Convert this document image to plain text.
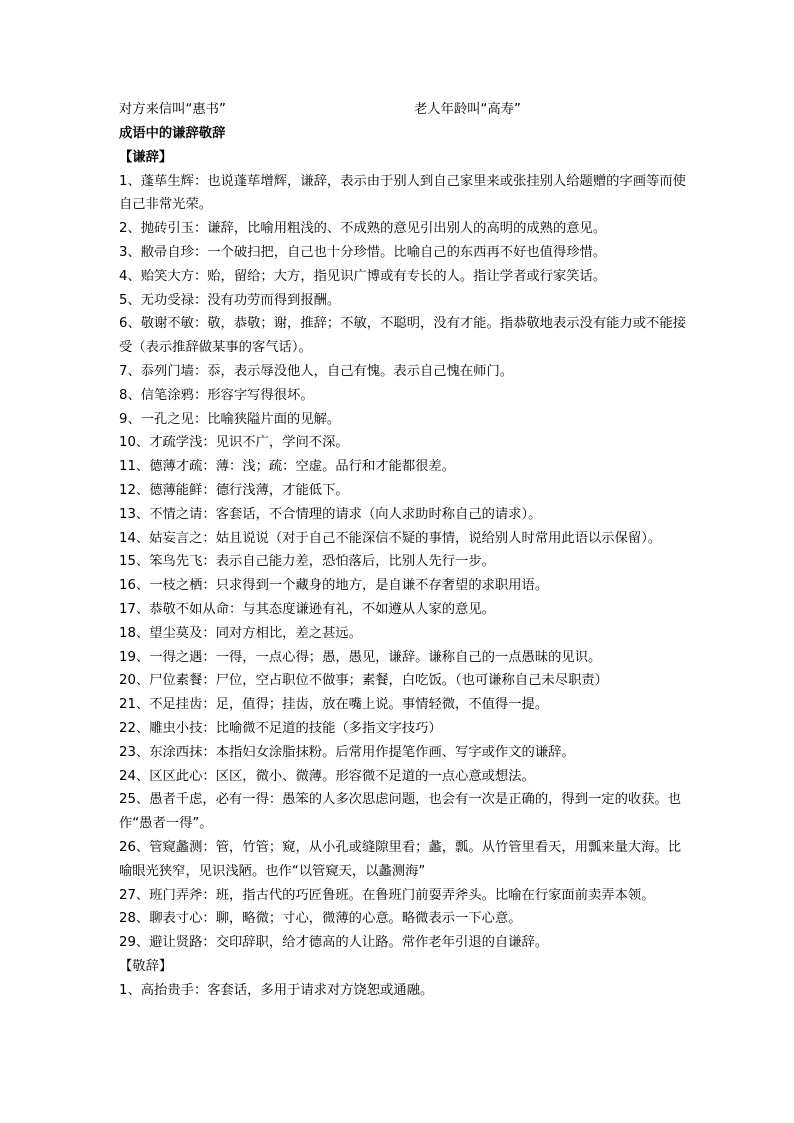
对方来信叫“惠书”	老人年龄叫“高寿”
成语中的谦辞敬辞
【谦辞】
1、蓬荜生辉：也说蓬荜增辉，谦辞，表示由于别人到自己家里来或张挂别人给题赠的字画等而使自己非常光荣。
2、抛砖引玉：谦辞，比喻用粗浅的、不成熟的意见引出别人的高明的成熟的意见。
3、敝帚自珍：一个破扫把，自己也十分珍惜。比喻自己的东西再不好也值得珍惜。
4、贻笑大方：贻，留给；大方，指见识广博或有专长的人。指让学者或行家笑话。
5、无功受禄：没有功劳而得到报酬。
6、敬谢不敏：敬，恭敬；谢，推辞；不敏，不聪明，没有才能。指恭敬地表示没有能力或不能接受（表示推辞做某事的客气话）。
7、忝列门墙：忝，表示辱没他人，自己有愧。表示自己愧在师门。
8、信笔涂鸦：形容字写得很坏。
9、一孔之见：比喻狭隘片面的见解。
10、才疏学浅：见识不广，学问不深。
11、德薄才疏：薄：浅；疏：空虚。品行和才能都很差。
12、德薄能鲜：德行浅薄，才能低下。
13、不情之请：客套话，不合情理的请求（向人求助时称自己的请求）。
14、姑妄言之：姑且说说（对于自己不能深信不疑的事情，说给别人时常用此语以示保留）。
15、笨鸟先飞：表示自己能力差，恐怕落后，比别人先行一步。
16、一枝之栖：只求得到一个藏身的地方，是自谦不存奢望的求职用语。
17、恭敬不如从命：与其态度谦逊有礼，不如遵从人家的意见。
18、望尘莫及：同对方相比，差之甚远。
19、一得之遇：一得，一点心得；愚，愚见，谦辞。谦称自己的一点愚昧的见识。
20、尸位素餐：尸位，空占职位不做事；素餐，白吃饭。（也可谦称自己未尽职责）
21、不足挂齿：足，值得；挂齿，放在嘴上说。事情轻微，不值得一提。
22、雕虫小技：比喻微不足道的技能（多指文字技巧）
23、东涂西抹：本指妇女涂脂抹粉。后常用作提笔作画、写字或作文的谦辞。
24、区区此心：区区，微小、微薄。形容微不足道的一点心意或想法。
25、愚者千虑，必有一得：愚笨的人多次思虑问题，也会有一次是正确的，得到一定的收获。也作“愚者一得”。
26、管窥蠡测：管，竹管；窥，从小孔或缝隙里看；蠡，瓢。从竹管里看天，用瓢来量大海。比喻眼光狭窄，见识浅陋。也作“以管窥天，以蠡测海”
27、班门弄斧：班，指古代的巧匠鲁班。在鲁班门前耍弄斧头。比喻在行家面前卖弄本领。
28、聊表寸心：聊，略微；寸心，微薄的心意。略微表示一下心意。
29、避让贤路：交印辞职，给才德高的人让路。常作老年引退的自谦辞。
【敬辞】
1、高抬贵手：客套话，多用于请求对方饶恕或通融。
